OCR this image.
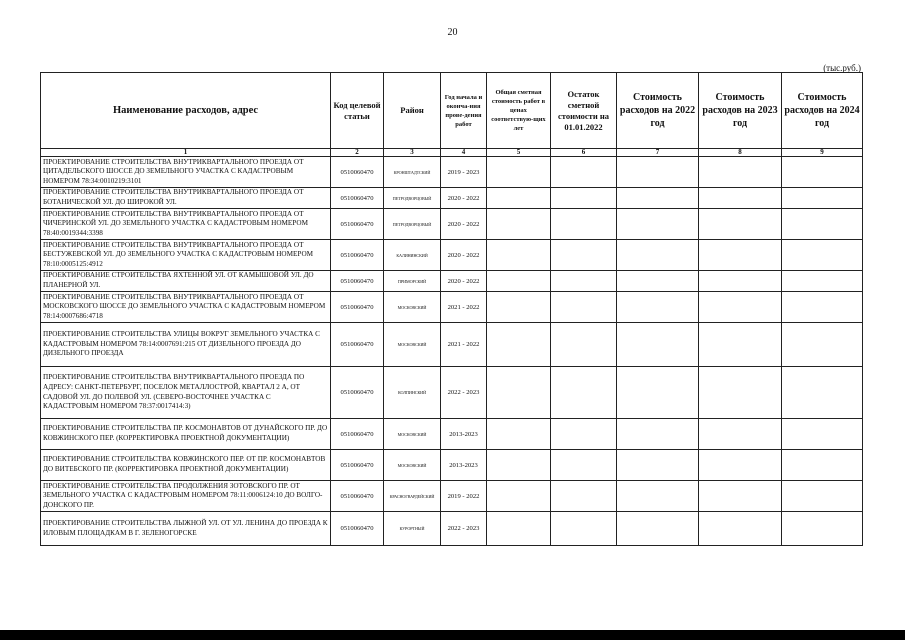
20
(тыс.руб.)
Наименование расходов, адрес	Код целевой статьи	Район	Год начала и оконча-ния прове-дения работ	Общая сметная стоимость работ в ценах соответствую-щих лет	Остаток сметной стоимости на 01.01.2022	Стоимость расходов на 2022 год	Стоимость расходов на 2023 год	Стоимость расходов на 2024 год
1	2	3	4	5	6	7	8	9
ПРОЕКТИРОВАНИЕ СТРОИТЕЛЬСТВА ВНУТРИКВАРТАЛЬНОГО ПРОЕЗДА ОТ ЦИТАДЕЛЬСКОГО ШОССЕ ДО ЗЕМЕЛЬНОГО УЧАСТКА С КАДАСТРОВЫМ НОМЕРОМ 78:34:0010219:3101	0510060470	КРОНШТАДТСКИЙ	2019 - 2023					
ПРОЕКТИРОВАНИЕ СТРОИТЕЛЬСТВА ВНУТРИКВАРТАЛЬНОГО ПРОЕЗДА ОТ БОТАНИЧЕСКОЙ УЛ. ДО ШИРОКОЙ УЛ.	0510060470	ПЕТРОДВОРЦОВЫЙ	2020 - 2022					
ПРОЕКТИРОВАНИЕ СТРОИТЕЛЬСТВА ВНУТРИКВАРТАЛЬНОГО ПРОЕЗДА ОТ ЧИЧЕРИНСКОЙ УЛ. ДО ЗЕМЕЛЬНОГО УЧАСТКА С КАДАСТРОВЫМ НОМЕРОМ 78:40:0019344:3398	0510060470	ПЕТРОДВОРЦОВЫЙ	2020 - 2022					
ПРОЕКТИРОВАНИЕ СТРОИТЕЛЬСТВА ВНУТРИКВАРТАЛЬНОГО ПРОЕЗДА ОТ БЕСТУЖЕВСКОЙ УЛ. ДО ЗЕМЕЛЬНОГО УЧАСТКА С КАДАСТРОВЫМ НОМЕРОМ 78:10:0005125:4912	0510060470	КАЛИНИНСКИЙ	2020 - 2022					
ПРОЕКТИРОВАНИЕ СТРОИТЕЛЬСТВА ЯХТЕННОЙ УЛ. ОТ КАМЫШОВОЙ УЛ. ДО ПЛАНЕРНОЙ УЛ.	0510060470	ПРИМОРСКИЙ	2020 - 2022					
ПРОЕКТИРОВАНИЕ СТРОИТЕЛЬСТВА ВНУТРИКВАРТАЛЬНОГО ПРОЕЗДА ОТ МОСКОВСКОГО ШОССЕ ДО ЗЕМЕЛЬНОГО УЧАСТКА С КАДАСТРОВЫМ НОМЕРОМ 78:14:0007686:4718	0510060470	МОСКОВСКИЙ	2021 - 2022					
ПРОЕКТИРОВАНИЕ СТРОИТЕЛЬСТВА УЛИЦЫ ВОКРУГ ЗЕМЕЛЬНОГО УЧАСТКА С КАДАСТРОВЫМ НОМЕРОМ 78:14:0007691:215 ОТ ДИЗЕЛЬНОГО ПРОЕЗДА ДО ДИЗЕЛЬНОГО ПРОЕЗДА	0510060470	МОСКОВСКИЙ	2021 - 2022					
ПРОЕКТИРОВАНИЕ СТРОИТЕЛЬСТВА ВНУТРИКВАРТАЛЬНОГО ПРОЕЗДА ПО АДРЕСУ: САНКТ-ПЕТЕРБУРГ, ПОСЕЛОК МЕТАЛЛОСТРОЙ, КВАРТАЛ 2 А, ОТ САДОВОЙ УЛ. ДО ПОЛЕВОЙ УЛ. (СЕВЕРО-ВОСТОЧНЕЕ УЧАСТКА С КАДАСТРОВЫМ НОМЕРОМ 78:37:0017414:3)	0510060470	КОЛПИНСКИЙ	2022 - 2023					
ПРОЕКТИРОВАНИЕ СТРОИТЕЛЬСТВА ПР. КОСМОНАВТОВ ОТ ДУНАЙСКОГО ПР. ДО КОВЖИНСКОГО ПЕР. (КОРРЕКТИРОВКА ПРОЕКТНОЙ ДОКУМЕНТАЦИИ)	0510060470	МОСКОВСКИЙ	2013-2023					
ПРОЕКТИРОВАНИЕ СТРОИТЕЛЬСТВА КОВЖИНСКОГО ПЕР. ОТ ПР. КОСМОНАВТОВ ДО ВИТЕБСКОГО ПР. (КОРРЕКТИРОВКА ПРОЕКТНОЙ ДОКУМЕНТАЦИИ)	0510060470	МОСКОВСКИЙ	2013-2023					
ПРОЕКТИРОВАНИЕ СТРОИТЕЛЬСТВА ПРОДОЛЖЕНИЯ ЗОТОВСКОГО ПР. ОТ ЗЕМЕЛЬНОГО УЧАСТКА С КАДАСТРОВЫМ НОМЕРОМ 78:11:0006124:10 ДО ВОЛГО-ДОНСКОГО ПР.	0510060470	КРАСНОГВАРДЕЙСКИЙ	2019 - 2022					
ПРОЕКТИРОВАНИЕ СТРОИТЕЛЬСТВА ЛЫЖНОЙ УЛ. ОТ УЛ. ЛЕНИНА ДО ПРОЕЗДА К ИЛОВЫМ ПЛОЩАДКАМ В Г. ЗЕЛЕНОГОРСКЕ	0510060470	КУРОРТНЫЙ	2022 - 2023					
